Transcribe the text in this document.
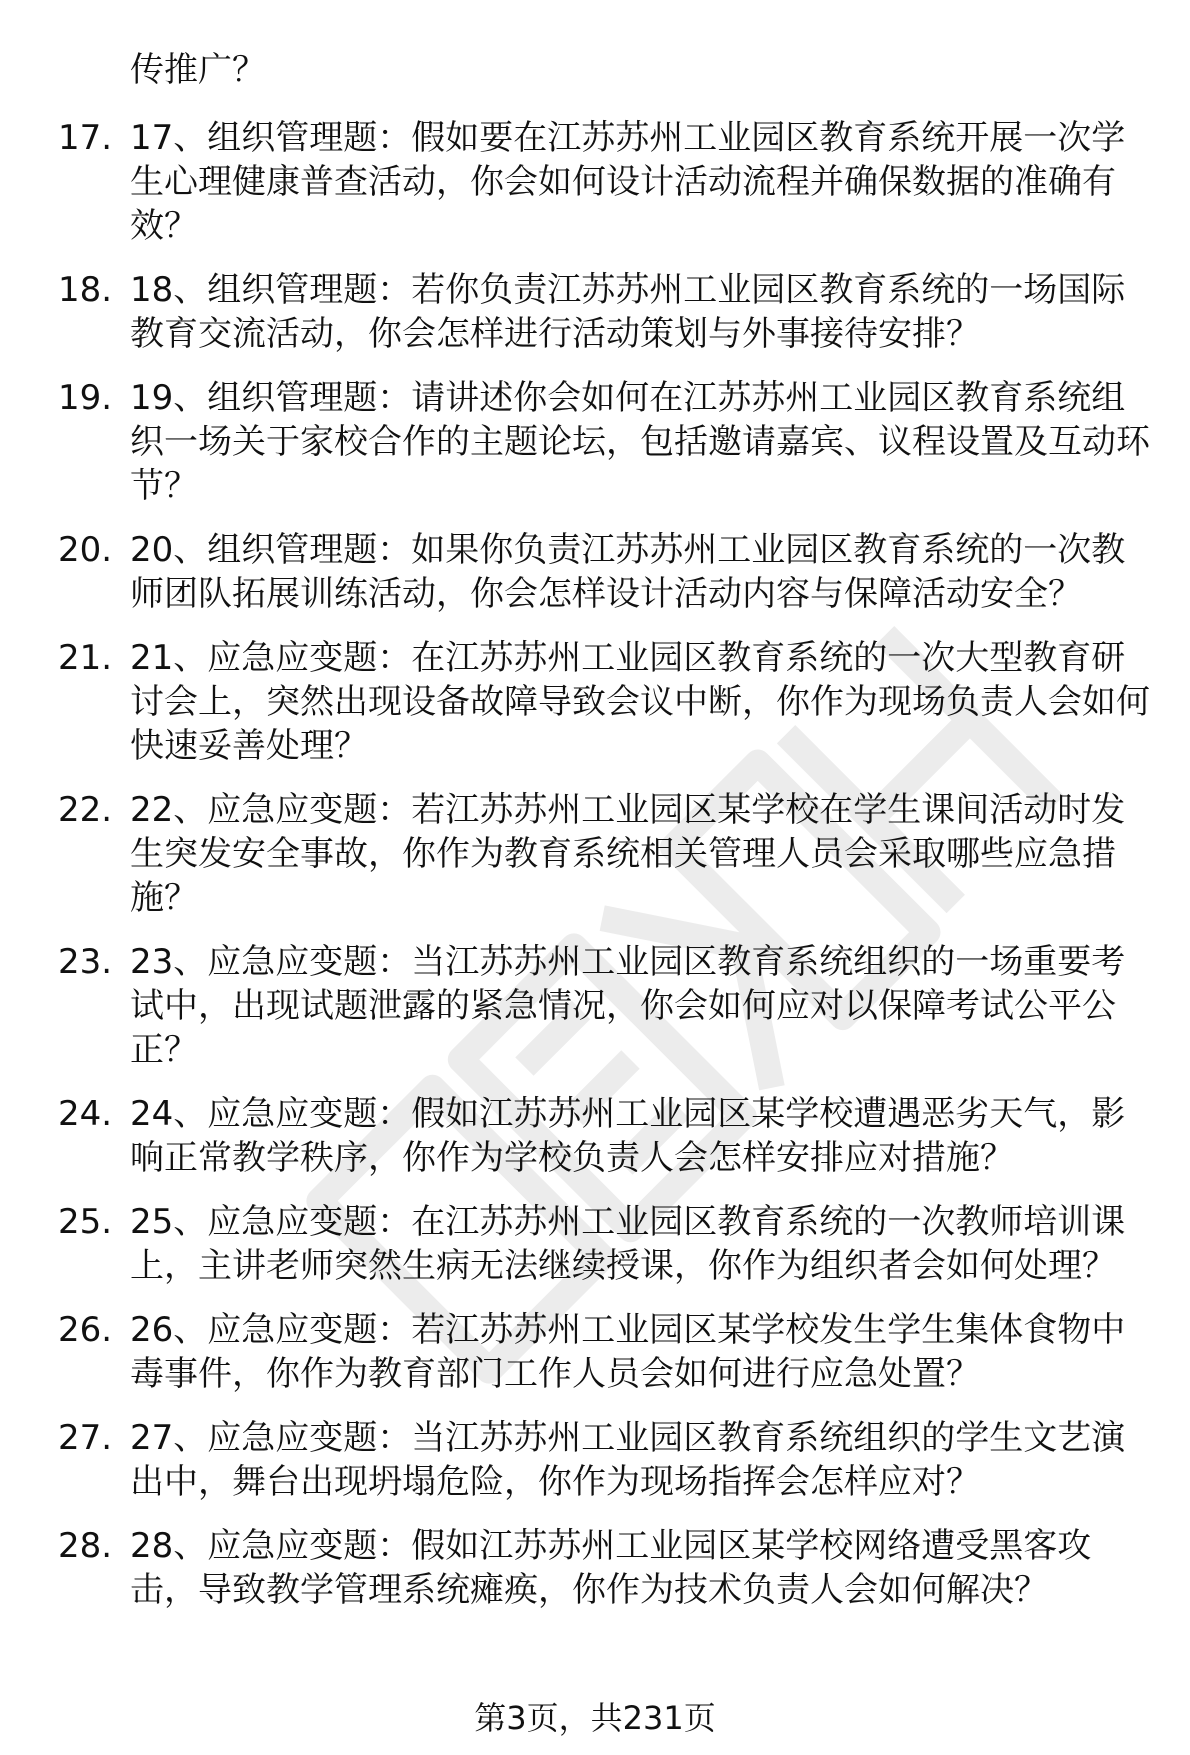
传推广？

17. 17、组织管理题：假如要在江苏苏州工业园区教育系统开展一次学生心理健康普查活动，你会如何设计活动流程并确保数据的准确有效？
18. 18、组织管理题：若你负责江苏苏州工业园区教育系统的一场国际教育交流活动，你会怎样进行活动策划与外事接待安排？
19. 19、组织管理题：请讲述你会如何在江苏苏州工业园区教育系统组织一场关于家校合作的主题论坛，包括邀请嘉宾、议程设置及互动环节？
20. 20、组织管理题：如果你负责江苏苏州工业园区教育系统的一次教师团队拓展训练活动，你会怎样设计活动内容与保障活动安全？
21. 21、应急应变题：在江苏苏州工业园区教育系统的一次大型教育研讨会上，突然出现设备故障导致会议中断，你作为现场负责人会如何快速妥善处理？
22. 22、应急应变题：若江苏苏州工业园区某学校在学生课间活动时发生突发安全事故，你作为教育系统相关管理人员会采取哪些应急措施？
23. 23、应急应变题：当江苏苏州工业园区教育系统组织的一场重要考试中，出现试题泄露的紧急情况，你会如何应对以保障考试公平公正？
24. 24、应急应变题：假如江苏苏州工业园区某学校遭遇恶劣天气，影响正常教学秩序，你作为学校负责人会怎样安排应对措施？
25. 25、应急应变题：在江苏苏州工业园区教育系统的一次教师培训课上，主讲老师突然生病无法继续授课，你作为组织者会如何处理？
26. 26、应急应变题：若江苏苏州工业园区某学校发生学生集体食物中毒事件，你作为教育部门工作人员会如何进行应急处置？
27. 27、应急应变题：当江苏苏州工业园区教育系统组织的学生文艺演出中，舞台出现坍塌危险，你作为现场指挥会怎样应对？
28. 28、应急应变题：假如江苏苏州工业园区某学校网络遭受黑客攻击，导致教学管理系统瘫痪，你作为技术负责人会如何解决？
第3页，共231页
